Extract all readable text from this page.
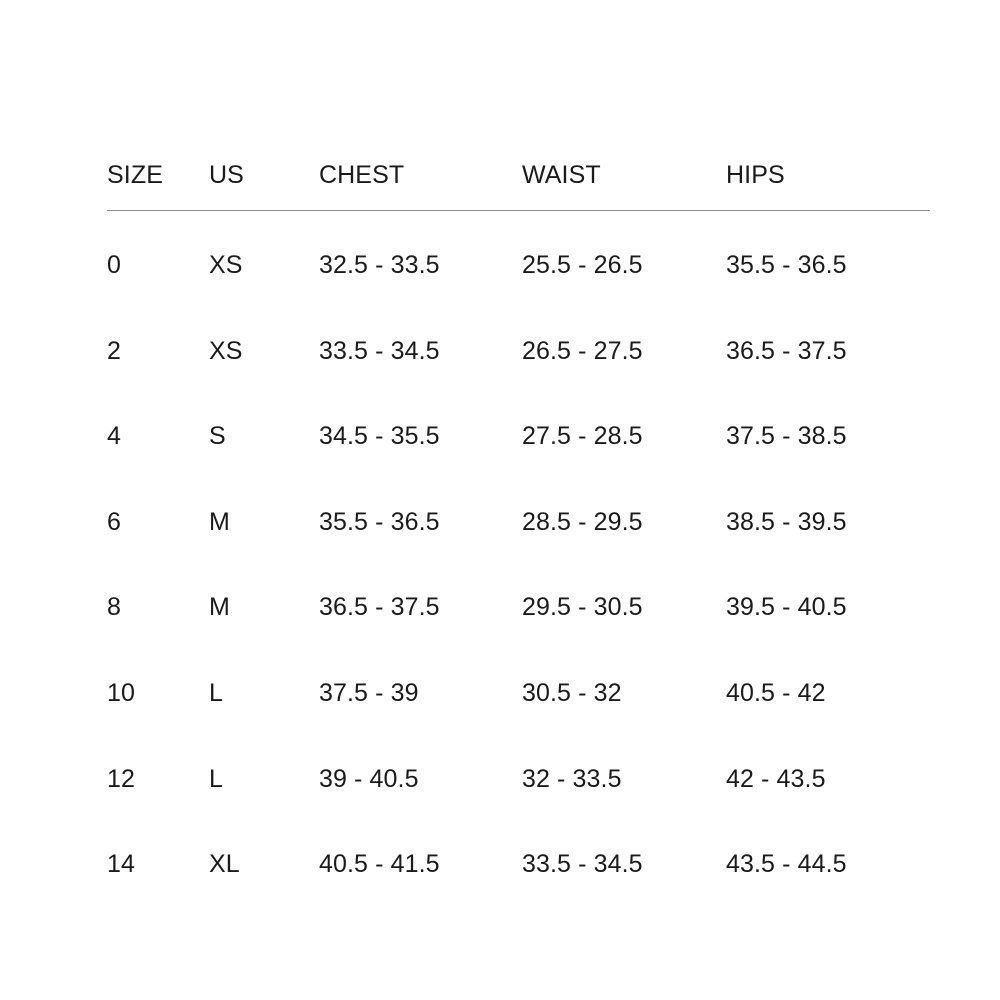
SIZE US	CHEST	WAIST	HIPS
0	XS	32.5 - 33.5	25.5 - 26.5	35.5 - 36.5
2	XS	33.5 - 34.5	26.5 - 27.5	36.5 - 37.5
4	S	34.5 - 35.5	27.5 - 28.5	37.5 - 38.5
6	M	35.5 - 36.5	28.5 - 29.5	38.5 - 39.5
8	M	36.5 - 37.5	29.5 - 30.5	39.5 - 40.5
10	L	37.5 - 39	30.5 - 32	40.5 - 42
12	L	39 - 40.5	32 - 33.5	42 - 43.5
14	XL	40.5 - 41.5	33.5 - 34.5	43.5 - 44.5
